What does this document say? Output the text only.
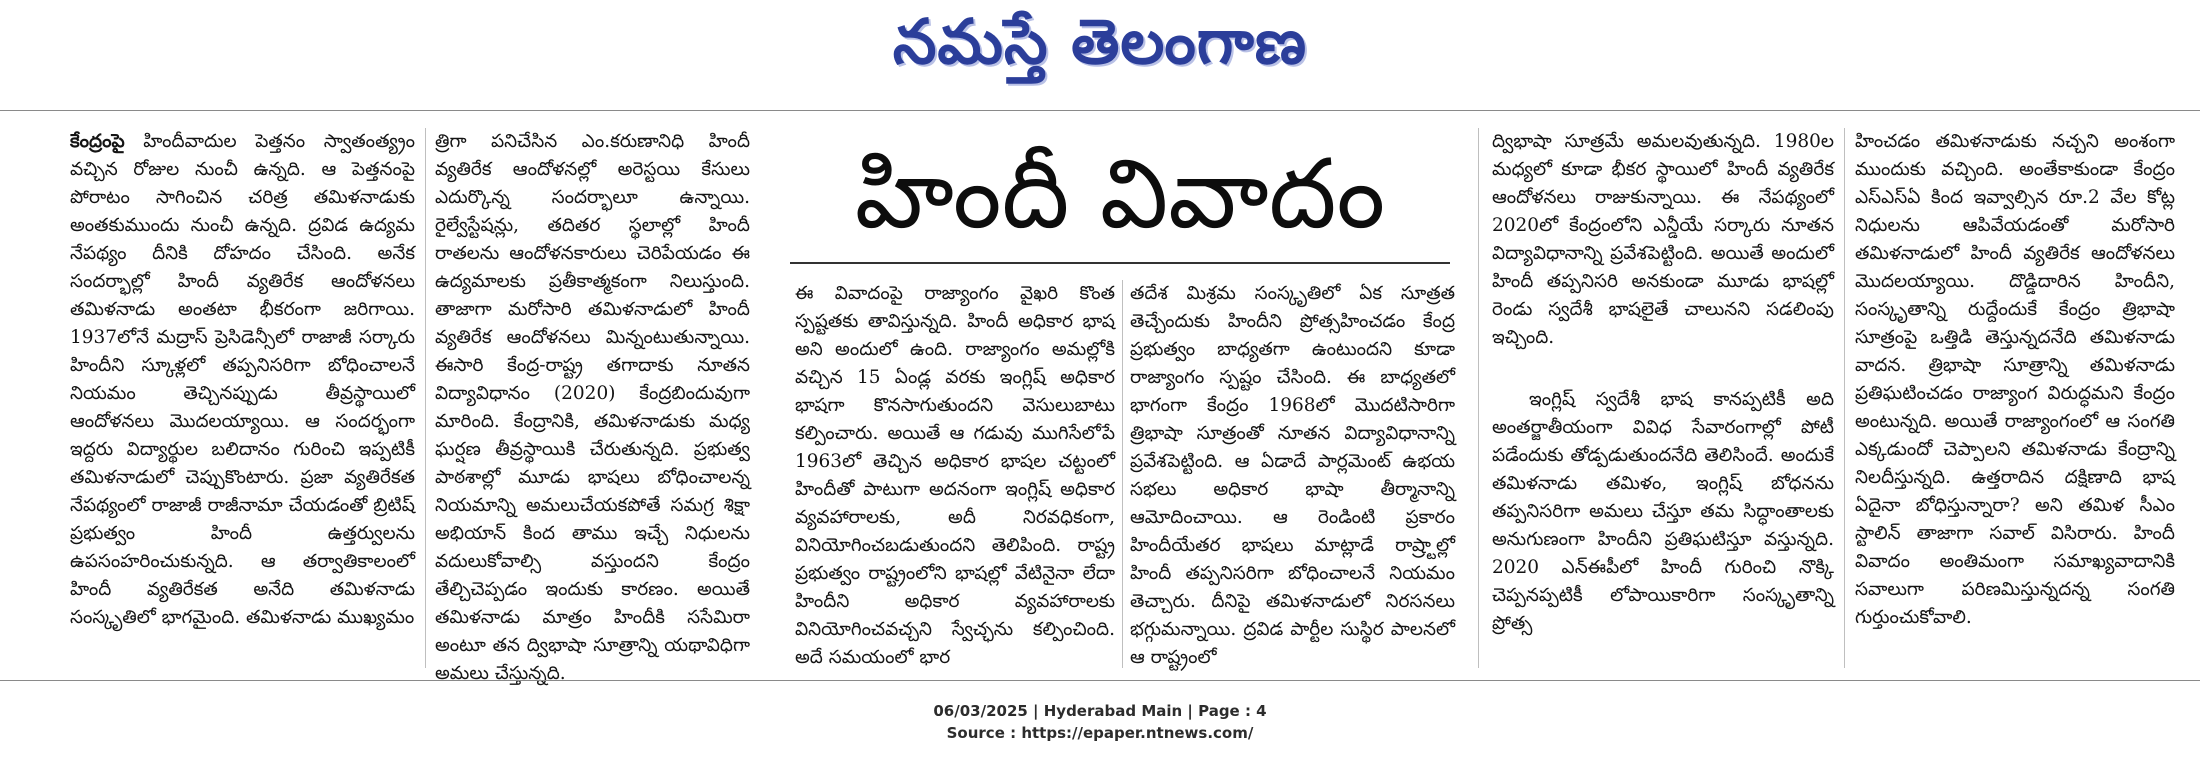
నమస్తే తెలంగాణ

కేంద్రంపై హిందీవాదుల పెత్తనం స్వాతంత్య్రం వచ్చిన రోజుల నుంచీ ఉన్నది. ఆ పెత్తనంపై పోరాటం సాగించిన చరిత్ర తమిళనాడుకు అంతకుముందు నుంచీ ఉన్నది. ద్రవిడ ఉద్యమ నేపథ్యం దీనికి దోహదం చేసింది. అనేక సందర్భాల్లో హిందీ వ్యతిరేక ఆందోళనలు తమిళనాడు అంతటా భీకరంగా జరిగాయి. 1937లోనే మద్రాస్ ప్రెసిడెన్సీలో రాజాజీ సర్కారు హిందీని స్కూళ్లలో తప్పనిసరిగా బోధించాలనే నియమం తెచ్చినప్పుడు తీవ్రస్థాయిలో ఆందోళనలు మొదలయ్యాయి. ఆ సందర్భంగా ఇద్దరు విద్యార్థుల బలిదానం గురించి ఇప్పటికీ తమిళనాడులో చెప్పుకొంటారు. ప్రజా వ్యతిరేకత నేపథ్యంలో రాజాజీ రాజీనామా చేయడంతో బ్రిటిష్ ప్రభుత్వం హిందీ ఉత్తర్వులను ఉపసంహరించుకున్నది. ఆ తర్వాతికాలంలో హిందీ వ్యతిరేకత అనేది తమిళనాడు సంస్కృతిలో భాగమైంది. తమిళనాడు ముఖ్యమం

త్రిగా పనిచేసిన ఎం.కరుణానిధి హిందీ వ్యతిరేక ఆందోళనల్లో అరెస్టయి కేసులు ఎదుర్కొన్న సందర్భాలూ ఉన్నాయి. రైల్వేస్టేషన్లు, తదితర స్థలాల్లో హిందీ రాతలను ఆందోళనకారులు చెరిపేయడం ఈ ఉద్యమాలకు ప్రతీకాత్మకంగా నిలుస్తుంది. తాజాగా మరోసారి తమిళనాడులో హిందీ వ్యతిరేక ఆందోళనలు మిన్నంటుతున్నాయి. ఈసారి కేంద్ర-రాష్ట్ర తగాదాకు నూతన విద్యావిధానం (2020) కేంద్రబిందువుగా మారింది. కేంద్రానికి, తమిళనాడుకు మధ్య ఘర్షణ తీవ్రస్థాయికి చేరుతున్నది. ప్రభుత్వ పాఠశాల్లో మూడు భాషలు బోధించాలన్న నియమాన్ని అమలుచేయకపోతే సమగ్ర శిక్షా అభియాన్ కింద తాము ఇచ్చే నిధులను వదులుకోవాల్సి వస్తుందని కేంద్రం తేల్చిచెప్పడం ఇందుకు కారణం. అయితే తమిళనాడు మాత్రం హిందీకి ససేమిరా అంటూ తన ద్విభాషా సూత్రాన్ని యథావిధిగా అమలు చేస్తున్నది.

హిందీ వివాదం

ఈ వివాదంపై రాజ్యాంగం వైఖరి కొంత స్పష్టతకు తావిస్తున్నది. హిందీ అధికార భాష అని అందులో ఉంది. రాజ్యాంగం అమల్లోకి వచ్చిన 15 ఏండ్ల వరకు ఇంగ్లిష్ అధికార భాషగా కొనసాగుతుందని వెసులుబాటు కల్పించారు. అయితే ఆ గడువు ముగిసేలోపే 1963లో తెచ్చిన అధికార భాషల చట్టంలో హిందీతో పాటుగా అదనంగా ఇంగ్లిష్ అధికార వ్యవహారాలకు, అదీ నిరవధికంగా, వినియోగించబడుతుందని తెలిపింది. రాష్ట్ర ప్రభుత్వం రాష్ట్రంలోని భాషల్లో వేటినైనా లేదా హిందీని అధికార వ్యవహారాలకు వినియోగించవచ్చని స్వేచ్ఛను కల్పించింది. అదే సమయంలో భార

తదేశ మిశ్రమ సంస్కృతిలో ఏక సూత్రత తెచ్చేందుకు హిందీని ప్రోత్సహించడం కేంద్ర ప్రభుత్వం బాధ్యతగా ఉంటుందని కూడా రాజ్యాంగం స్పష్టం చేసింది. ఈ బాధ్యతలో భాగంగా కేంద్రం 1968లో మొదటిసారిగా త్రిభాషా సూత్రంతో నూతన విద్యావిధానాన్ని ప్రవేశపెట్టింది. ఆ ఏడాదే పార్లమెంట్ ఉభయ సభలు అధికార భాషా తీర్మానాన్ని ఆమోదించాయి. ఆ రెండింటి ప్రకారం హిందీయేతర భాషలు మాట్లాడే రాష్ర్టాల్లో హిందీ తప్పనిసరిగా బోధించాలనే నియమం తెచ్చారు. దీనిపై తమిళనాడులో నిరసనలు భగ్గుమన్నాయి. ద్రవిడ పార్టీల సుస్థిర పాలనలో ఆ రాష్ట్రంలో

ద్విభాషా సూత్రమే అమలవుతున్నది. 1980ల మధ్యలో కూడా భీకర స్థాయిలో హిందీ వ్యతిరేక ఆందోళనలు రాజుకున్నాయి. ఈ నేపథ్యంలో 2020లో కేంద్రంలోని ఎన్డీయే సర్కారు నూతన విద్యావిధానాన్ని ప్రవేశపెట్టింది. అయితే అందులో హిందీ తప్పనిసరి అనకుండా మూడు భాషల్లో రెండు స్వదేశీ భాషలైతే చాలునని సడలింపు ఇచ్చింది.

ఇంగ్లిష్ స్వదేశీ భాష కానప్పటికీ అది అంతర్జాతీయంగా వివిధ సేవారంగాల్లో పోటీ పడేందుకు తోడ్పడుతుందనేది తెలిసిందే. అందుకే తమిళనాడు తమిళం, ఇంగ్లిష్ బోధనను తప్పనిసరిగా అమలు చేస్తూ తమ సిద్ధాంతాలకు అనుగుణంగా హిందీని ప్రతిఘటిస్తూ వస్తున్నది. 2020 ఎన్ఈపీలో హిందీ గురించి నొక్కి చెప్పనప్పటికీ లోపాయికారిగా సంస్కృతాన్ని ప్రోత్స

హించడం తమిళనాడుకు నచ్చని అంశంగా ముందుకు వచ్చింది. అంతేకాకుండా కేంద్రం ఎస్ఎస్ఏ కింద ఇవ్వాల్సిన రూ.2 వేల కోట్ల నిధులను ఆపివేయడంతో మరోసారి తమిళనాడులో హిందీ వ్యతిరేక ఆందోళనలు మొదలయ్యాయి. దొడ్డిదారిన హిందీని, సంస్కృతాన్ని రుద్దేందుకే కేంద్రం త్రిభాషా సూత్రంపై ఒత్తిడి తెస్తున్నదనేది తమిళనాడు వాదన. త్రిభాషా సూత్రాన్ని తమిళనాడు ప్రతిఘటించడం రాజ్యాంగ విరుద్ధమని కేంద్రం అంటున్నది. అయితే రాజ్యాంగంలో ఆ సంగతి ఎక్కడుందో చెప్పాలని తమిళనాడు కేంద్రాన్ని నిలదీస్తున్నది. ఉత్తరాదిన దక్షిణాది భాష ఏదైనా బోధిస్తున్నారా? అని తమిళ సీఎం స్టాలిన్ తాజాగా సవాల్ విసిరారు. హిందీ వివాదం అంతిమంగా సమాఖ్యవాదానికి సవాలుగా పరిణమిస్తున్నదన్న సంగతి గుర్తుంచుకోవాలి.

06/03/2025 | Hyderabad Main | Page : 4
Source : https://epaper.ntnews.com/
